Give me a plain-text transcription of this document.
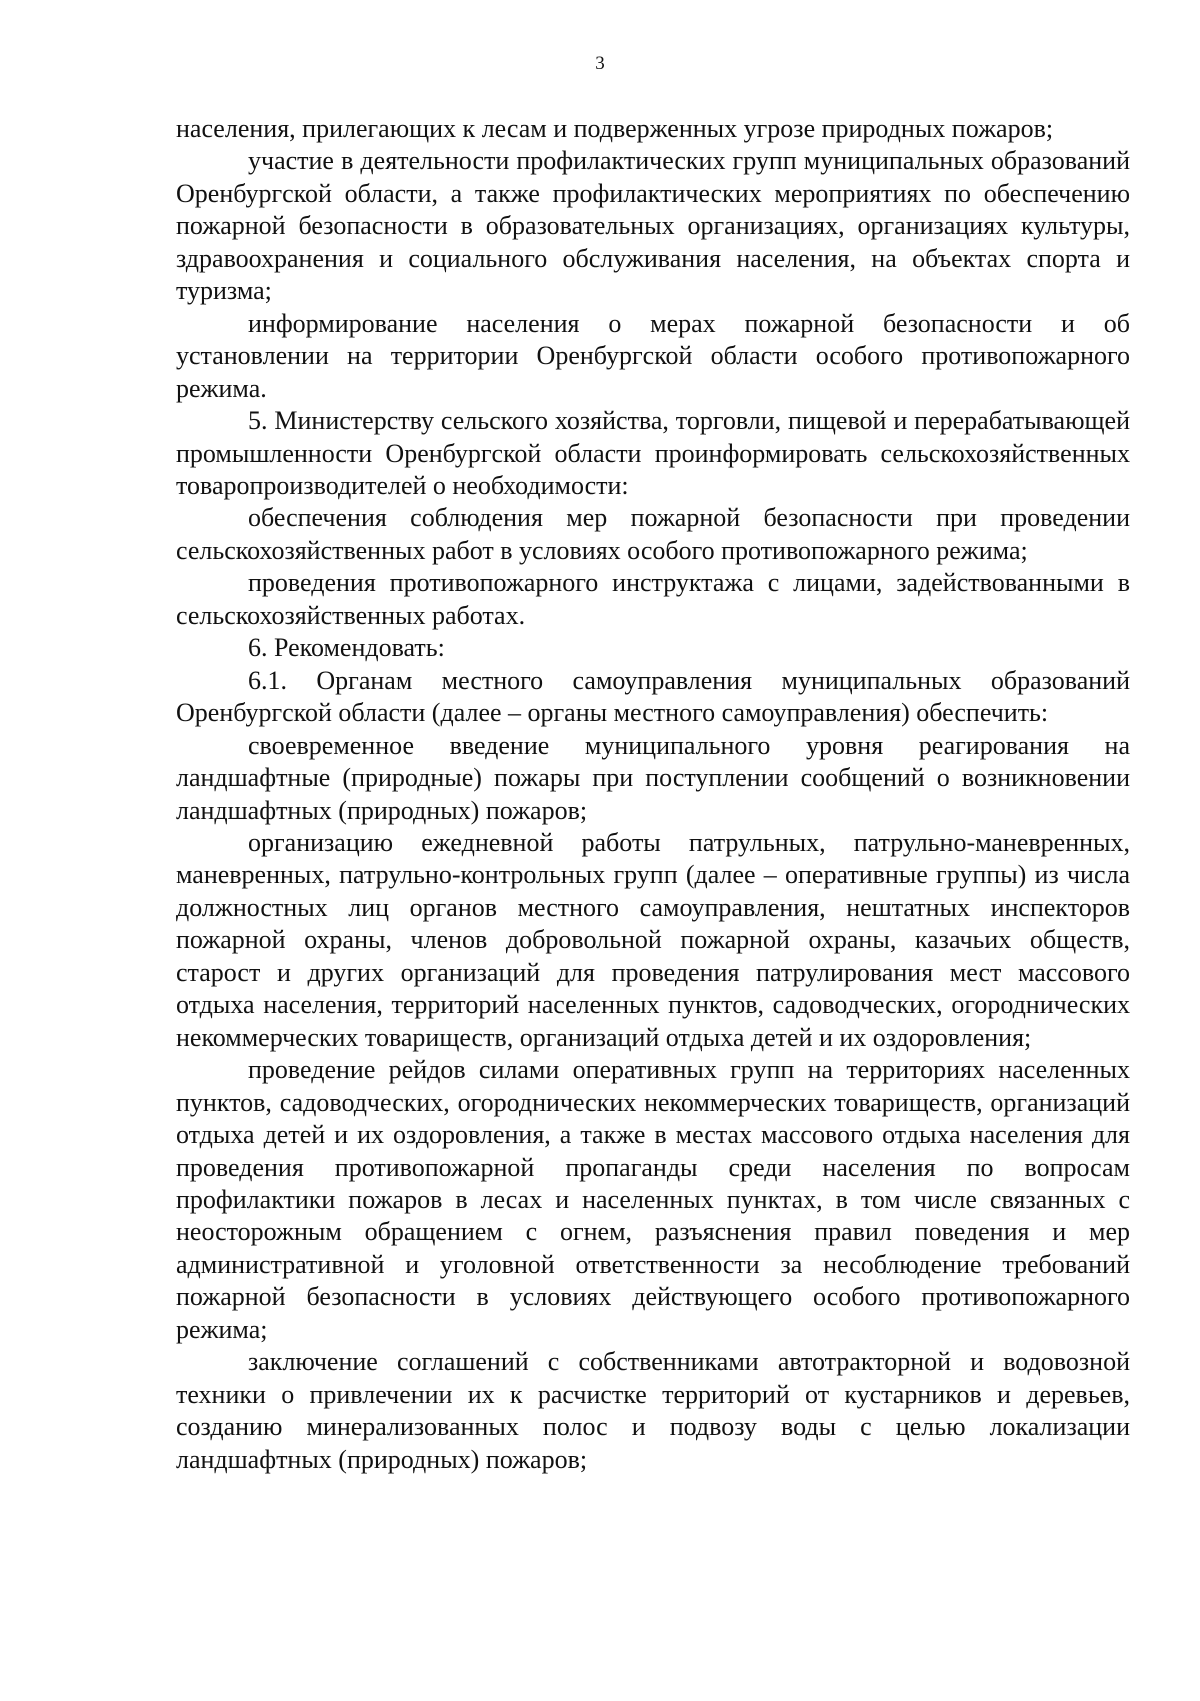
3

населения, прилегающих к лесам и подверженных угрозе природных пожаров;

участие в деятельности профилактических групп муниципальных образований Оренбургской области, а также профилактических мероприятиях по обеспечению пожарной безопасности в образовательных организациях, организациях культуры, здравоохранения и социального обслуживания населения, на объектах спорта и туризма;

информирование населения о мерах пожарной безопасности и об установлении на территории Оренбургской области особого противопожарного режима.

5. Министерству сельского хозяйства, торговли, пищевой и перерабатывающей промышленности Оренбургской области проинформировать сельскохозяйственных товаропроизводителей о необходимости:

обеспечения соблюдения мер пожарной безопасности при проведении сельскохозяйственных работ в условиях особого противопожарного режима;

проведения противопожарного инструктажа с лицами, задействованными в сельскохозяйственных работах.

6. Рекомендовать:

6.1. Органам местного самоуправления муниципальных образований Оренбургской области (далее – органы местного самоуправления) обеспечить:

своевременное введение муниципального уровня реагирования на ландшафтные (природные) пожары при поступлении сообщений о возникновении ландшафтных (природных) пожаров;

организацию ежедневной работы патрульных, патрульно-маневренных, маневренных, патрульно-контрольных групп (далее – оперативные группы) из числа должностных лиц органов местного самоуправления, нештатных инспекторов пожарной охраны, членов добровольной пожарной охраны, казачьих обществ, старост и других организаций для проведения патрулирования мест массового отдыха населения, территорий населенных пунктов, садоводческих, огороднических некоммерческих товариществ, организаций отдыха детей и их оздоровления;

проведение рейдов силами оперативных групп на территориях населенных пунктов, садоводческих, огороднических некоммерческих товариществ, организаций отдыха детей и их оздоровления, а также в местах массового отдыха населения для проведения противопожарной пропаганды среди населения по вопросам профилактики пожаров в лесах и населенных пунктах, в том числе связанных с неосторожным обращением с огнем, разъяснения правил поведения и мер административной и уголовной ответственности за несоблюдение требований пожарной безопасности в условиях действующего особого противопожарного режима;

заключение соглашений с собственниками автотракторной и водовозной техники о привлечении их к расчистке территорий от кустарников и деревьев, созданию минерализованных полос и подвозу воды с целью локализации ландшафтных (природных) пожаров;
